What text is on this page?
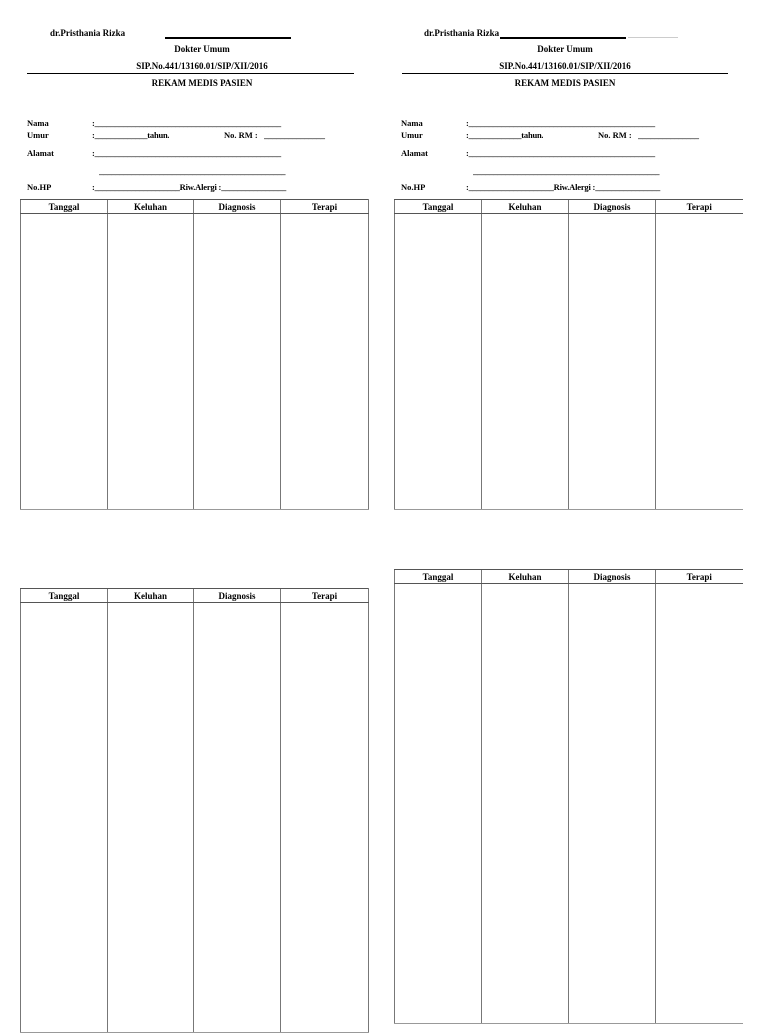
dr.Pristhania Rizka
Dokter Umum
SIP.No.441/13160.01/SIP/XII/2016
REKAM MEDIS PASIEN
Nama	:______________________________________________
Umur	:_____________tahun.	No. RM : _______________
Alamat	:______________________________________________
______________________________________________
No.HP	:_____________________Riw.Alergi :________________
dr.Pristhania Rizka
Dokter Umum
SIP.No.441/13160.01/SIP/XII/2016
REKAM MEDIS PASIEN
Nama	:______________________________________________
Umur	:_____________tahun.	No. RM : _______________
Alamat	:______________________________________________
______________________________________________
No.HP	:_____________________Riw.Alergi :________________
Tanggal	Keluhan	Diagnosis	Terapi
				Tanggal	Keluhan	Diagnosis	Terapi

Tanggal	Keluhan	Diagnosis	Terapi

Tanggal	Keluhan	Diagnosis	Terapi
